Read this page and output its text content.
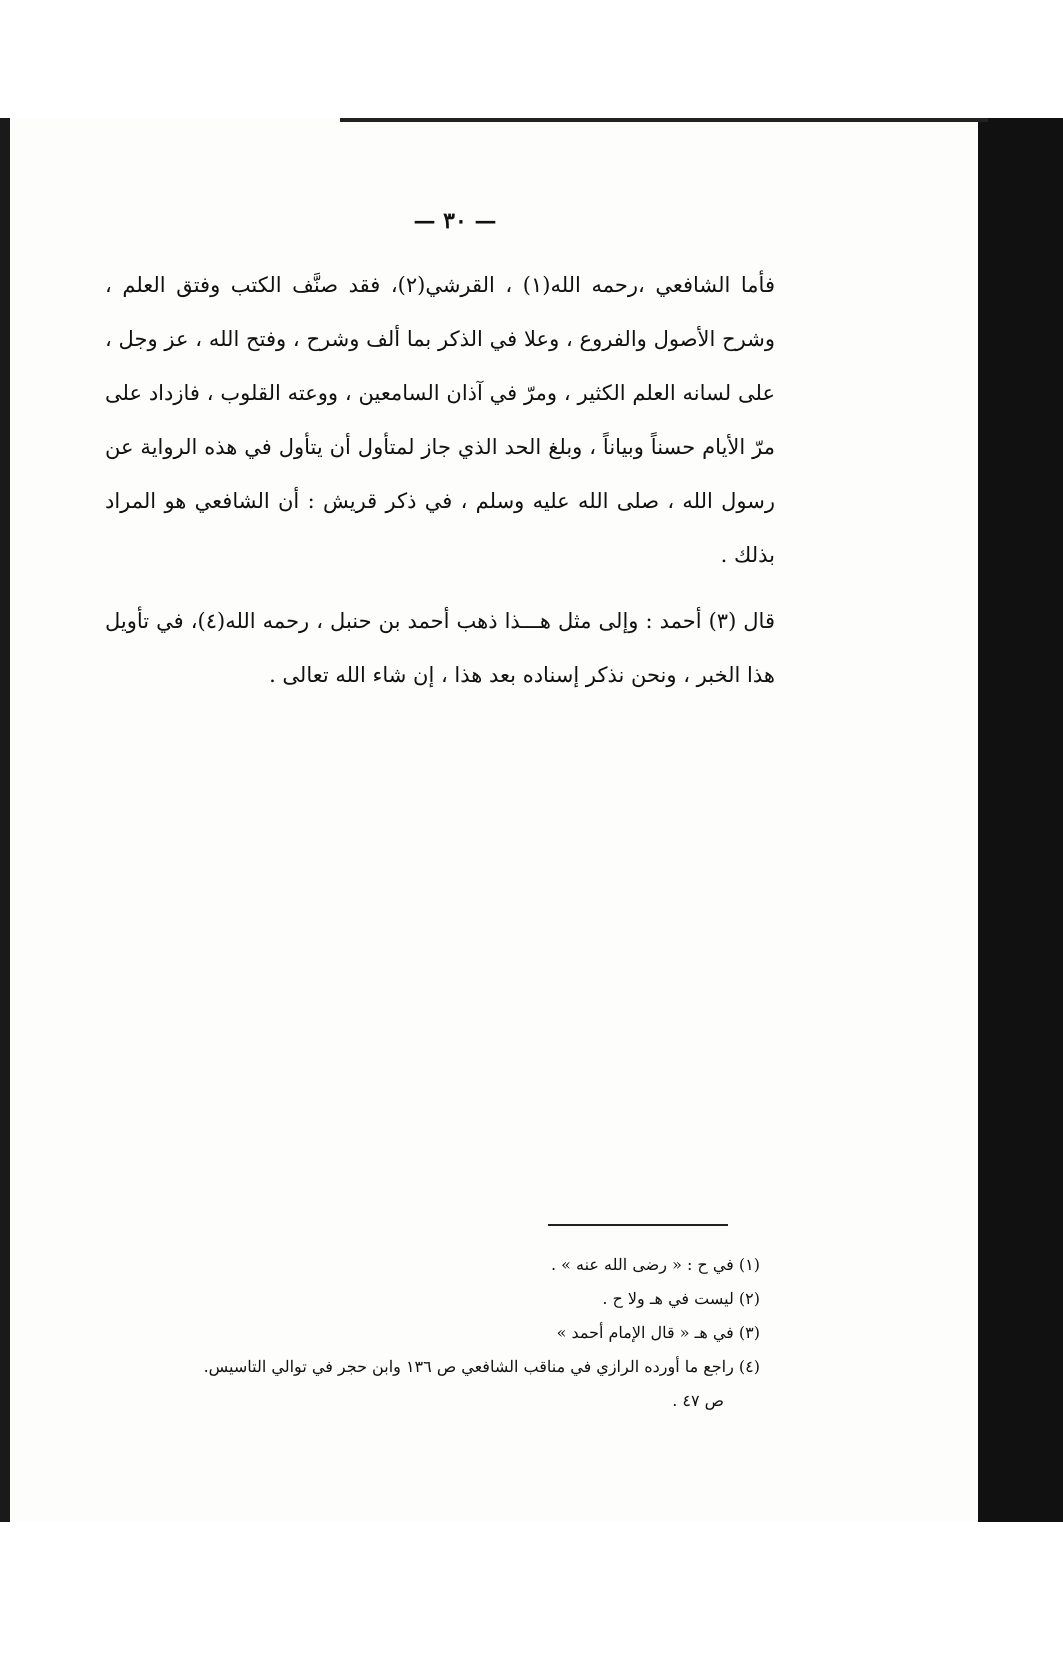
— ٣٠ —

فأما الشافعي ،رحمه الله(١) ، القرشي(٢)، فقد صنَّف الكتب وفتق العلم ، وشرح الأصول والفروع ، وعلا في الذكر بما ألف وشرح ، وفتح الله ، عز وجل ، على لسانه العلم الكثير ، ومرّ في آذان السامعين ، ووعته القلوب ، فازداد على مرّ الأيام حسناً وبياناً ، وبلغ الحد الذي جاز لمتأول أن يتأول في هذه الرواية عن رسول الله ، صلى الله عليه وسلم ، في ذكر قريش : أن الشافعي هو المراد بذلك .

قال (٣) أحمد : وإلى مثل هـــذا ذهب أحمد بن حنبل ، رحمه الله(٤)، في تأويل هذا الخبر ، ونحن نذكر إسناده بعد هذا ، إن شاء الله تعالى .

(١) في ح : « رضى الله عنه » .

(٢) ليست في هـ ولا ح .

(٣) في هـ « قال الإمام أحمد »

(٤) راجع ما أورده الرازي في مناقب الشافعي ص ١٣٦ وابن حجر في توالي التاسيس.

ص ٤٧ .
